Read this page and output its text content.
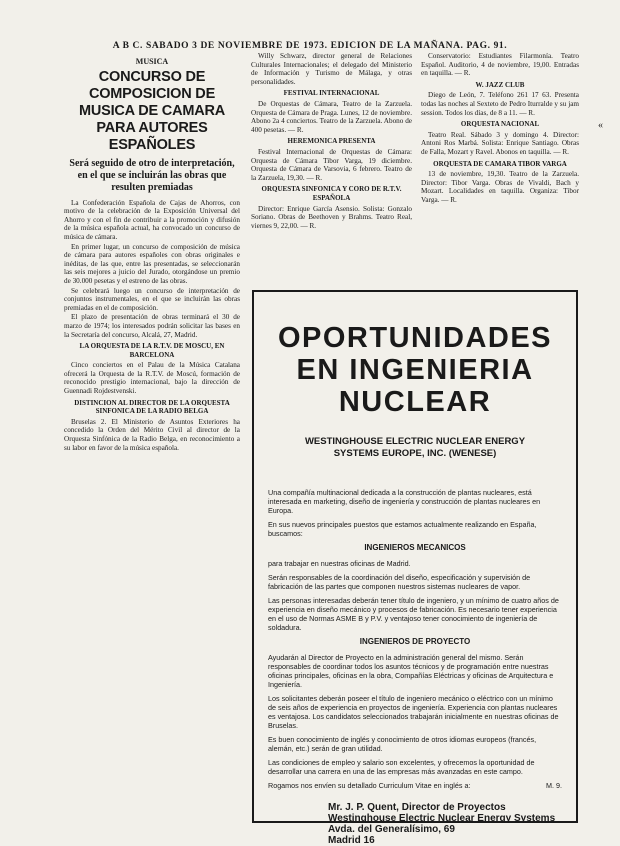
A B C. SABADO 3 DE NOVIEMBRE DE 1973. EDICION DE LA MAÑANA. PAG. 91.
MUSICA
CONCURSO DE COMPOSICION DE MUSICA DE CAMARA PARA AUTORES ESPAÑOLES
Será seguido de otro de interpretación, en el que se incluirán las obras que resulten premiadas

La Confederación Española de Cajas de Ahorros, con motivo de la celebración de la Exposición Universal del Ahorro y con el fin de contribuir a la promoción y difusión de la música española actual, ha convocado un concurso de música de cámara.

En primer lugar, un concurso de composición de música de cámara para autores españoles con obras originales e inéditas, de las que, entre las presentadas, se seleccionarán las seis mejores a juicio del Jurado, otorgándose un premio de 30.000 pesetas y el estreno de las obras.

Se celebrará luego un concurso de interpretación de conjuntos instrumentales, en el que se incluirán las obras premiadas en el de composición.

El plazo de presentación de obras terminará el 30 de marzo de 1974; los interesados podrán solicitar las bases en la Secretaría del concurso, Alcalá, 27, Madrid.

LA ORQUESTA DE LA R.T.V. DE MOSCU, EN BARCELONA

Cinco conciertos en el Palau de la Música Catalana ofrecerá la Orquesta de la R.T.V. de Moscú, formación de reconocido prestigio internacional, bajo la dirección de Guennadi Rojdestvenski.

DISTINCION AL DIRECTOR DE LA ORQUESTA SINFONICA DE LA RADIO BELGA

Bruselas 2. El Ministerio de Asuntos Exteriores ha concedido la Orden del Mérito Civil al director de la Orquesta Sinfónica de la Radio Belga, en reconocimiento a su labor en favor de la música española.

Willy Schwarz, director general de Relaciones Culturales Internacionales; el delegado del Ministerio de Información y Turismo de Málaga, y otras personalidades.

FESTIVAL INTERNACIONAL

De Orquestas de Cámara, Teatro de la Zarzuela. Orquesta de Cámara de Praga. Lunes, 12 de noviembre. Abono 2a 4 conciertos. Teatro de la Zarzuela. Abono de 400 pesetas. — R.

HEREMONICA PRESENTA

Festival Internacional de Orquestas de Cámara: Orquesta de Cámara Tibor Varga, 19 diciembre. Orquesta de Cámara de Varsovia, 6 febrero. Teatro de la Zarzuela, 19,30. — R.

ORQUESTA SINFONICA Y CORO DE R.T.V. ESPAÑOLA

Director: Enrique García Asensio. Solista: Gonzalo Soriano. Obras de Beethoven y Brahms. Teatro Real, viernes 9, 22,00. — R.

Conservatorio: Estudiantes Filarmonía. Teatro Español. Auditorio, 4 de noviembre, 19,00. Entradas en taquilla. — R.

W. JAZZ CLUB

Diego de León, 7. Teléfono 261 17 63. Presenta todas las noches al Sexteto de Pedro Iturralde y su jam session. Todos los días, de 8 a 11. — R.

ORQUESTA NACIONAL

Teatro Real. Sábado 3 y domingo 4. Director: Antoni Ros Marbá. Solista: Enrique Santiago. Obras de Falla, Mozart y Ravel. Abonos en taquilla. — R.

ORQUESTA DE CAMARA TIBOR VARGA

13 de noviembre, 19,30. Teatro de la Zarzuela. Director: Tibor Varga. Obras de Vivaldi, Bach y Mozart. Localidades en taquilla. Organiza: Tibor Varga. — R.

«
OPORTUNIDADES
EN INGENIERIA
NUCLEAR
WESTINGHOUSE ELECTRIC NUCLEAR ENERGY
SYSTEMS EUROPE, INC. (WENESE)

Una compañía multinacional dedicada a la construcción de plantas nucleares, está interesada en marketing, diseño de ingeniería y construcción de plantas nucleares en Europa.

En sus nuevos principales puestos que estamos actualmente realizando en España, buscamos:

INGENIEROS MECANICOS

para trabajar en nuestras oficinas de Madrid.

Serán responsables de la coordinación del diseño, especificación y supervisión de fabricación de las partes que componen nuestros sistemas nucleares de vapor.

Las personas interesadas deberán tener título de ingeniero, y un mínimo de cuatro años de experiencia en diseño mecánico y procesos de fabricación. Es necesario tener experiencia en el uso de Normas ASME B y P.V. y ventajoso tener conocimiento de ingeniería de soldadura.

INGENIEROS DE PROYECTO

Ayudarán al Director de Proyecto en la administración general del mismo. Serán responsables de coordinar todos los asuntos técnicos y de programación entre nuestras oficinas principales, oficinas en la obra, Compañías Eléctricas y oficinas de Arquitectura e Ingeniería.

Los solicitantes deberán poseer el título de ingeniero mecánico o eléctrico con un mínimo de seis años de experiencia en proyectos de ingeniería. Experiencia con plantas nucleares es ventajosa. Los candidatos seleccionados trabajarán inicialmente en nuestras oficinas de Bruselas.

Es buen conocimiento de inglés y conocimiento de otros idiomas europeos (francés, alemán, etc.) serán de gran utilidad.

Las condiciones de empleo y salario son excelentes, y ofrecemos la oportunidad de desarrollar una carrera en una de las empresas más avanzadas en este campo.

Rogamos nos envíen su detallado Curriculum Vitae en inglés a:	M. 9.

Mr. J. P. Quent, Director de Proyectos
Westinghouse Electric Nuclear Energy Systems
Avda. del Generalísimo, 69
Madrid 16
